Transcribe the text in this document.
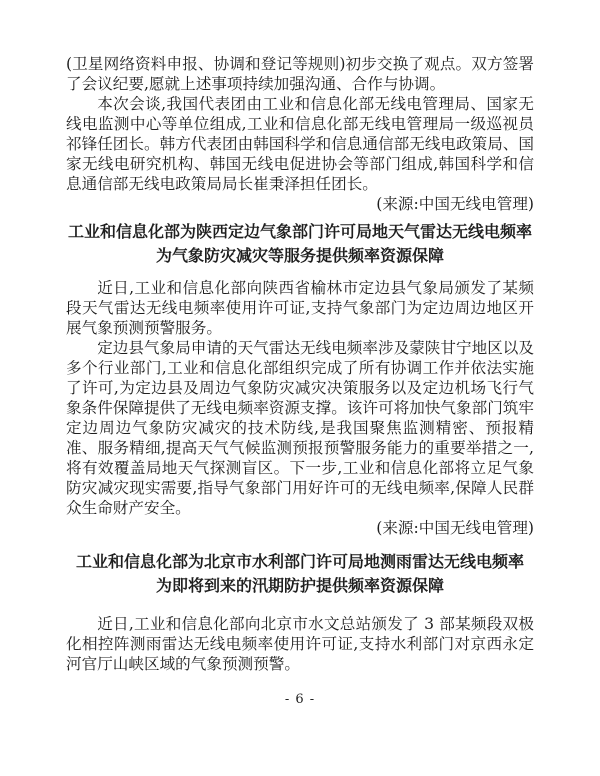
(卫星网络资料申报、协调和登记等规则)初步交换了观点。双方签署了会议纪要,愿就上述事项持续加强沟通、合作与协调。

本次会谈,我国代表团由工业和信息化部无线电管理局、国家无线电监测中心等单位组成,工业和信息化部无线电管理局一级巡视员祁锋任团长。韩方代表团由韩国科学和信息通信部无线电政策局、国家无线电研究机构、韩国无线电促进协会等部门组成,韩国科学和信息通信部无线电政策局局长崔秉泽担任团长。

(来源:中国无线电管理)

工业和信息化部为陕西定边气象部门许可局地天气雷达无线电频率
为气象防灾减灾等服务提供频率资源保障

近日,工业和信息化部向陕西省榆林市定边县气象局颁发了某频段天气雷达无线电频率使用许可证,支持气象部门为定边周边地区开展气象预测预警服务。

定边县气象局申请的天气雷达无线电频率涉及蒙陕甘宁地区以及多个行业部门,工业和信息化部组织完成了所有协调工作并依法实施了许可,为定边县及周边气象防灾减灾决策服务以及定边机场飞行气象条件保障提供了无线电频率资源支撑。该许可将加快气象部门筑牢定边周边气象防灾减灾的技术防线,是我国聚焦监测精密、预报精准、服务精细,提高天气气候监测预报预警服务能力的重要举措之一,将有效覆盖局地天气探测盲区。下一步,工业和信息化部将立足气象防灾减灾现实需要,指导气象部门用好许可的无线电频率,保障人民群众生命财产安全。

(来源:中国无线电管理)

工业和信息化部为北京市水利部门许可局地测雨雷达无线电频率
为即将到来的汛期防护提供频率资源保障

近日,工业和信息化部向北京市水文总站颁发了 3 部某频段双极化相控阵测雨雷达无线电频率使用许可证,支持水利部门对京西永定河官厅山峡区域的气象预测预警。

- 6 -
